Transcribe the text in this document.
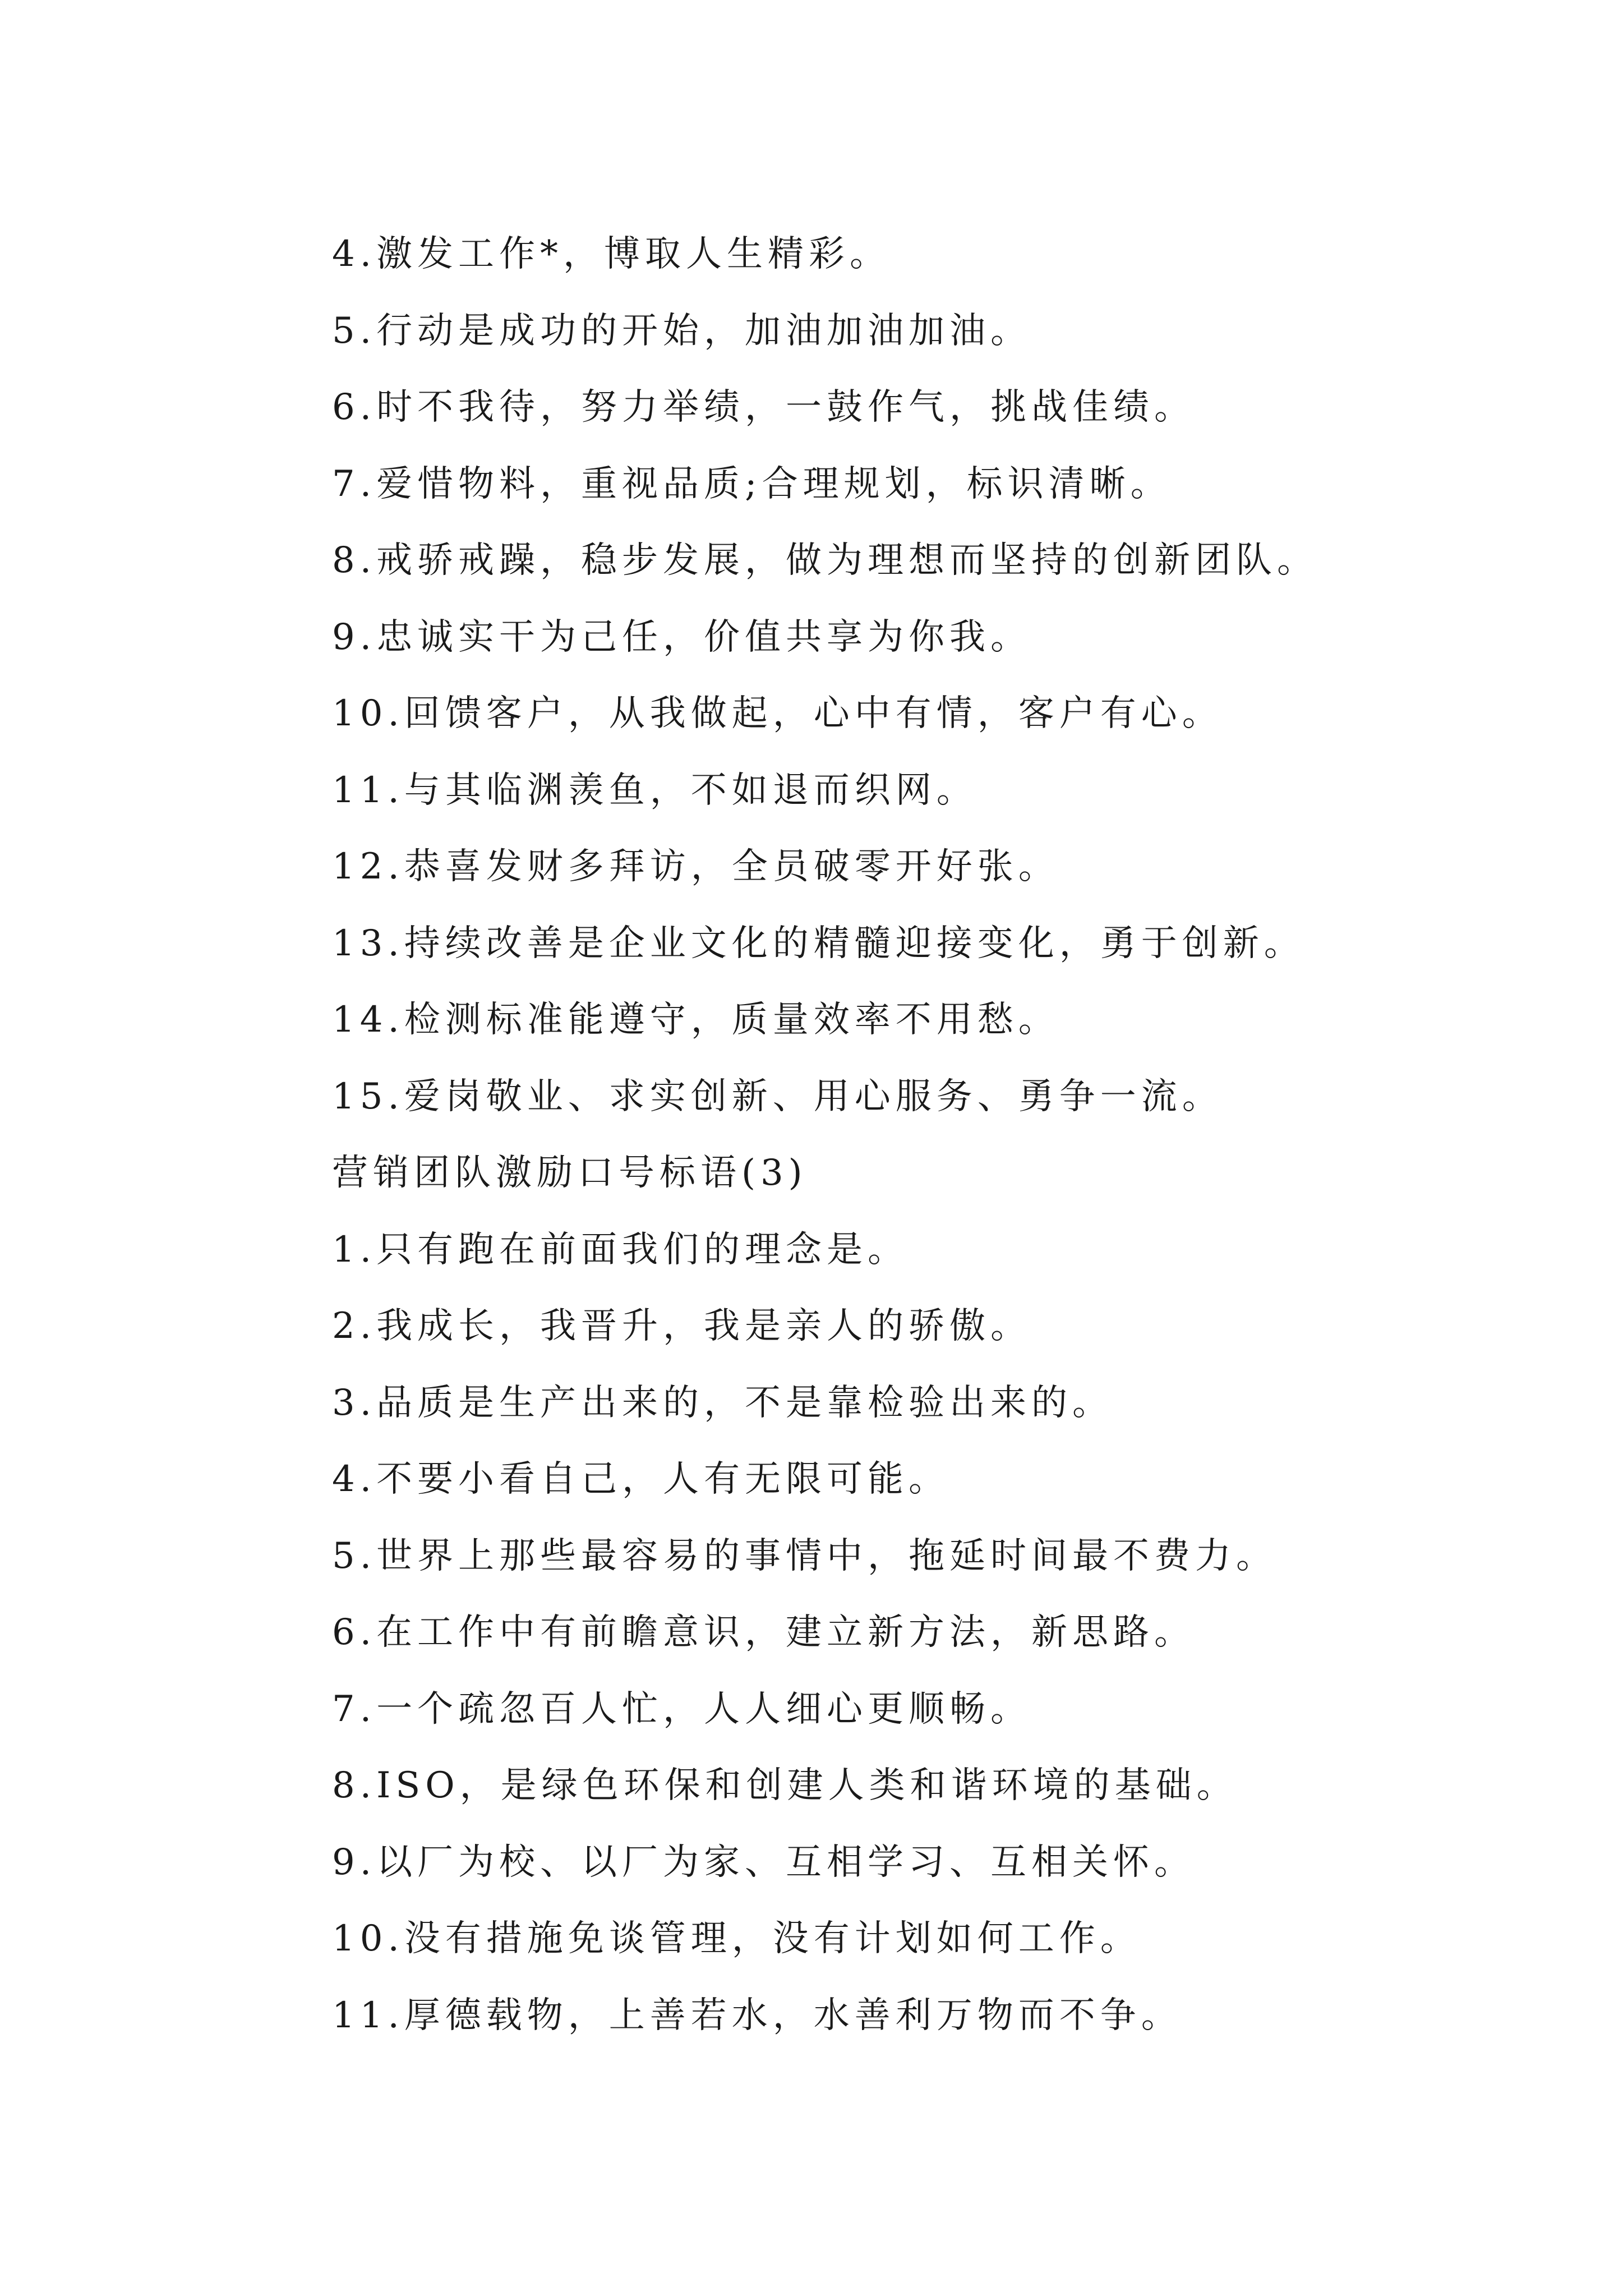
4.激发工作*，博取人生精彩。
5.行动是成功的开始，加油加油加油。
6.时不我待，努力举绩，一鼓作气，挑战佳绩。
7.爱惜物料，重视品质;合理规划，标识清晰。
8.戒骄戒躁，稳步发展，做为理想而坚持的创新团队。
9.忠诚实干为己任，价值共享为你我。
10.回馈客户，从我做起，心中有情，客户有心。
11.与其临渊羡鱼，不如退而织网。
12.恭喜发财多拜访，全员破零开好张。
13.持续改善是企业文化的精髓迎接变化，勇于创新。
14.检测标准能遵守，质量效率不用愁。
15.爱岗敬业、求实创新、用心服务、勇争一流。
营销团队激励口号标语(3)
1.只有跑在前面我们的理念是。
2.我成长，我晋升，我是亲人的骄傲。
3.品质是生产出来的，不是靠检验出来的。
4.不要小看自己，人有无限可能。
5.世界上那些最容易的事情中，拖延时间最不费力。
6.在工作中有前瞻意识，建立新方法，新思路。
7.一个疏忽百人忙，人人细心更顺畅。
8.ISO，是绿色环保和创建人类和谐环境的基础。
9.以厂为校、以厂为家、互相学习、互相关怀。
10.没有措施免谈管理，没有计划如何工作。
11.厚德载物，上善若水，水善利万物而不争。
